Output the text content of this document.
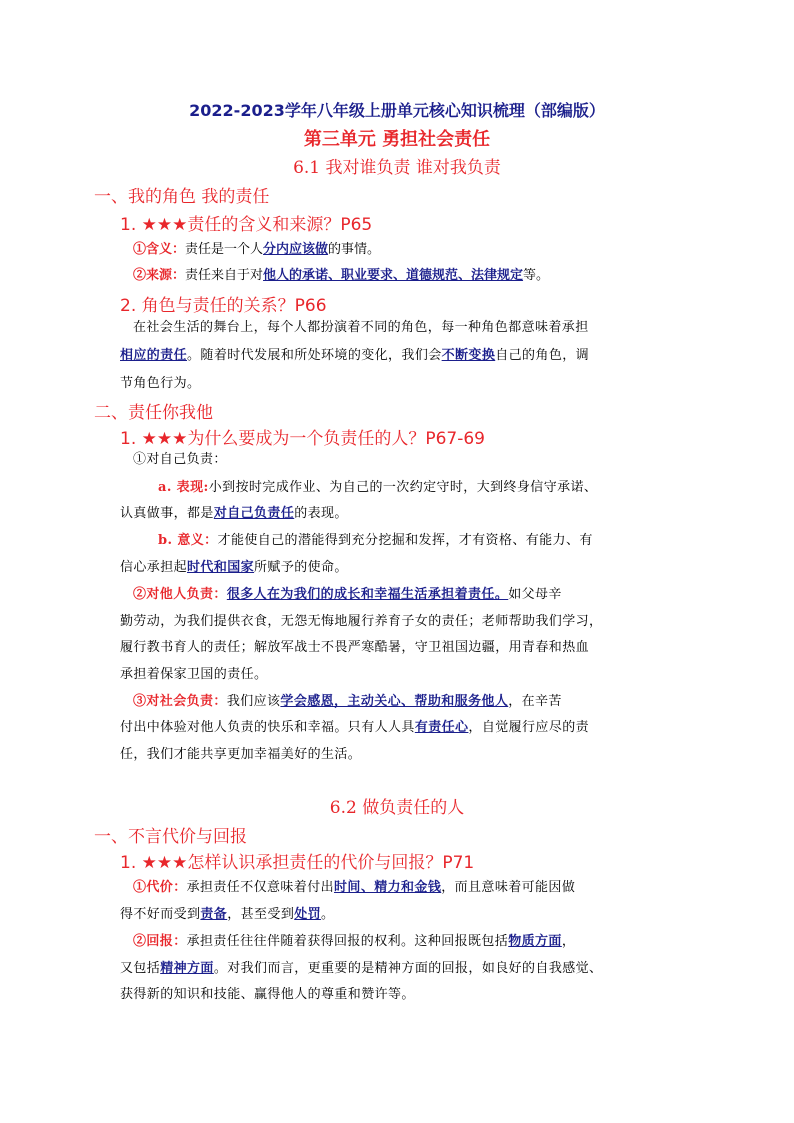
2022-2023学年八年级上册单元核心知识梳理（部编版）
第三单元 勇担社会责任
6.1 我对谁负责 谁对我负责
一、我的角色 我的责任
1. ★★★责任的含义和来源？P65
①含义：责任是一个人分内应该做的事情。
②来源：责任来自于对他人的承诺、职业要求、道德规范、法律规定等。
2. 角色与责任的关系？P66
在社会生活的舞台上，每个人都扮演着不同的角色，每一种角色都意味着承担
相应的责任。随着时代发展和所处环境的变化，我们会不断变换自己的角色，调
节角色行为。
二、责任你我他
1. ★★★为什么要成为一个负责任的人？P67-69
①对自己负责：
a. 表现:小到按时完成作业、为自己的一次约定守时，大到终身信守承诺、
认真做事，都是对自己负责任的表现。
b. 意义：才能使自己的潜能得到充分挖掘和发挥，才有资格、有能力、有
信心承担起时代和国家所赋予的使命。
②对他人负责：很多人在为我们的成长和幸福生活承担着责任。如父母辛
勤劳动，为我们提供衣食，无怨无悔地履行养育子女的责任；老师帮助我们学习，
履行教书育人的责任；解放军战士不畏严寒酷暑，守卫祖国边疆，用青春和热血
承担着保家卫国的责任。
③对社会负责：我们应该学会感恩，主动关心、帮助和服务他人，在辛苦
付出中体验对他人负责的快乐和幸福。只有人人具有责任心，自觉履行应尽的责
任，我们才能共享更加幸福美好的生活。
6.2 做负责任的人
一、不言代价与回报
1. ★★★怎样认识承担责任的代价与回报？P71
①代价：承担责任不仅意味着付出时间、精力和金钱，而且意味着可能因做
得不好而受到责备，甚至受到处罚。
②回报：承担责任往往伴随着获得回报的权利。这种回报既包括物质方面，
又包括精神方面。对我们而言，更重要的是精神方面的回报，如良好的自我感觉、
获得新的知识和技能、赢得他人的尊重和赞许等。
